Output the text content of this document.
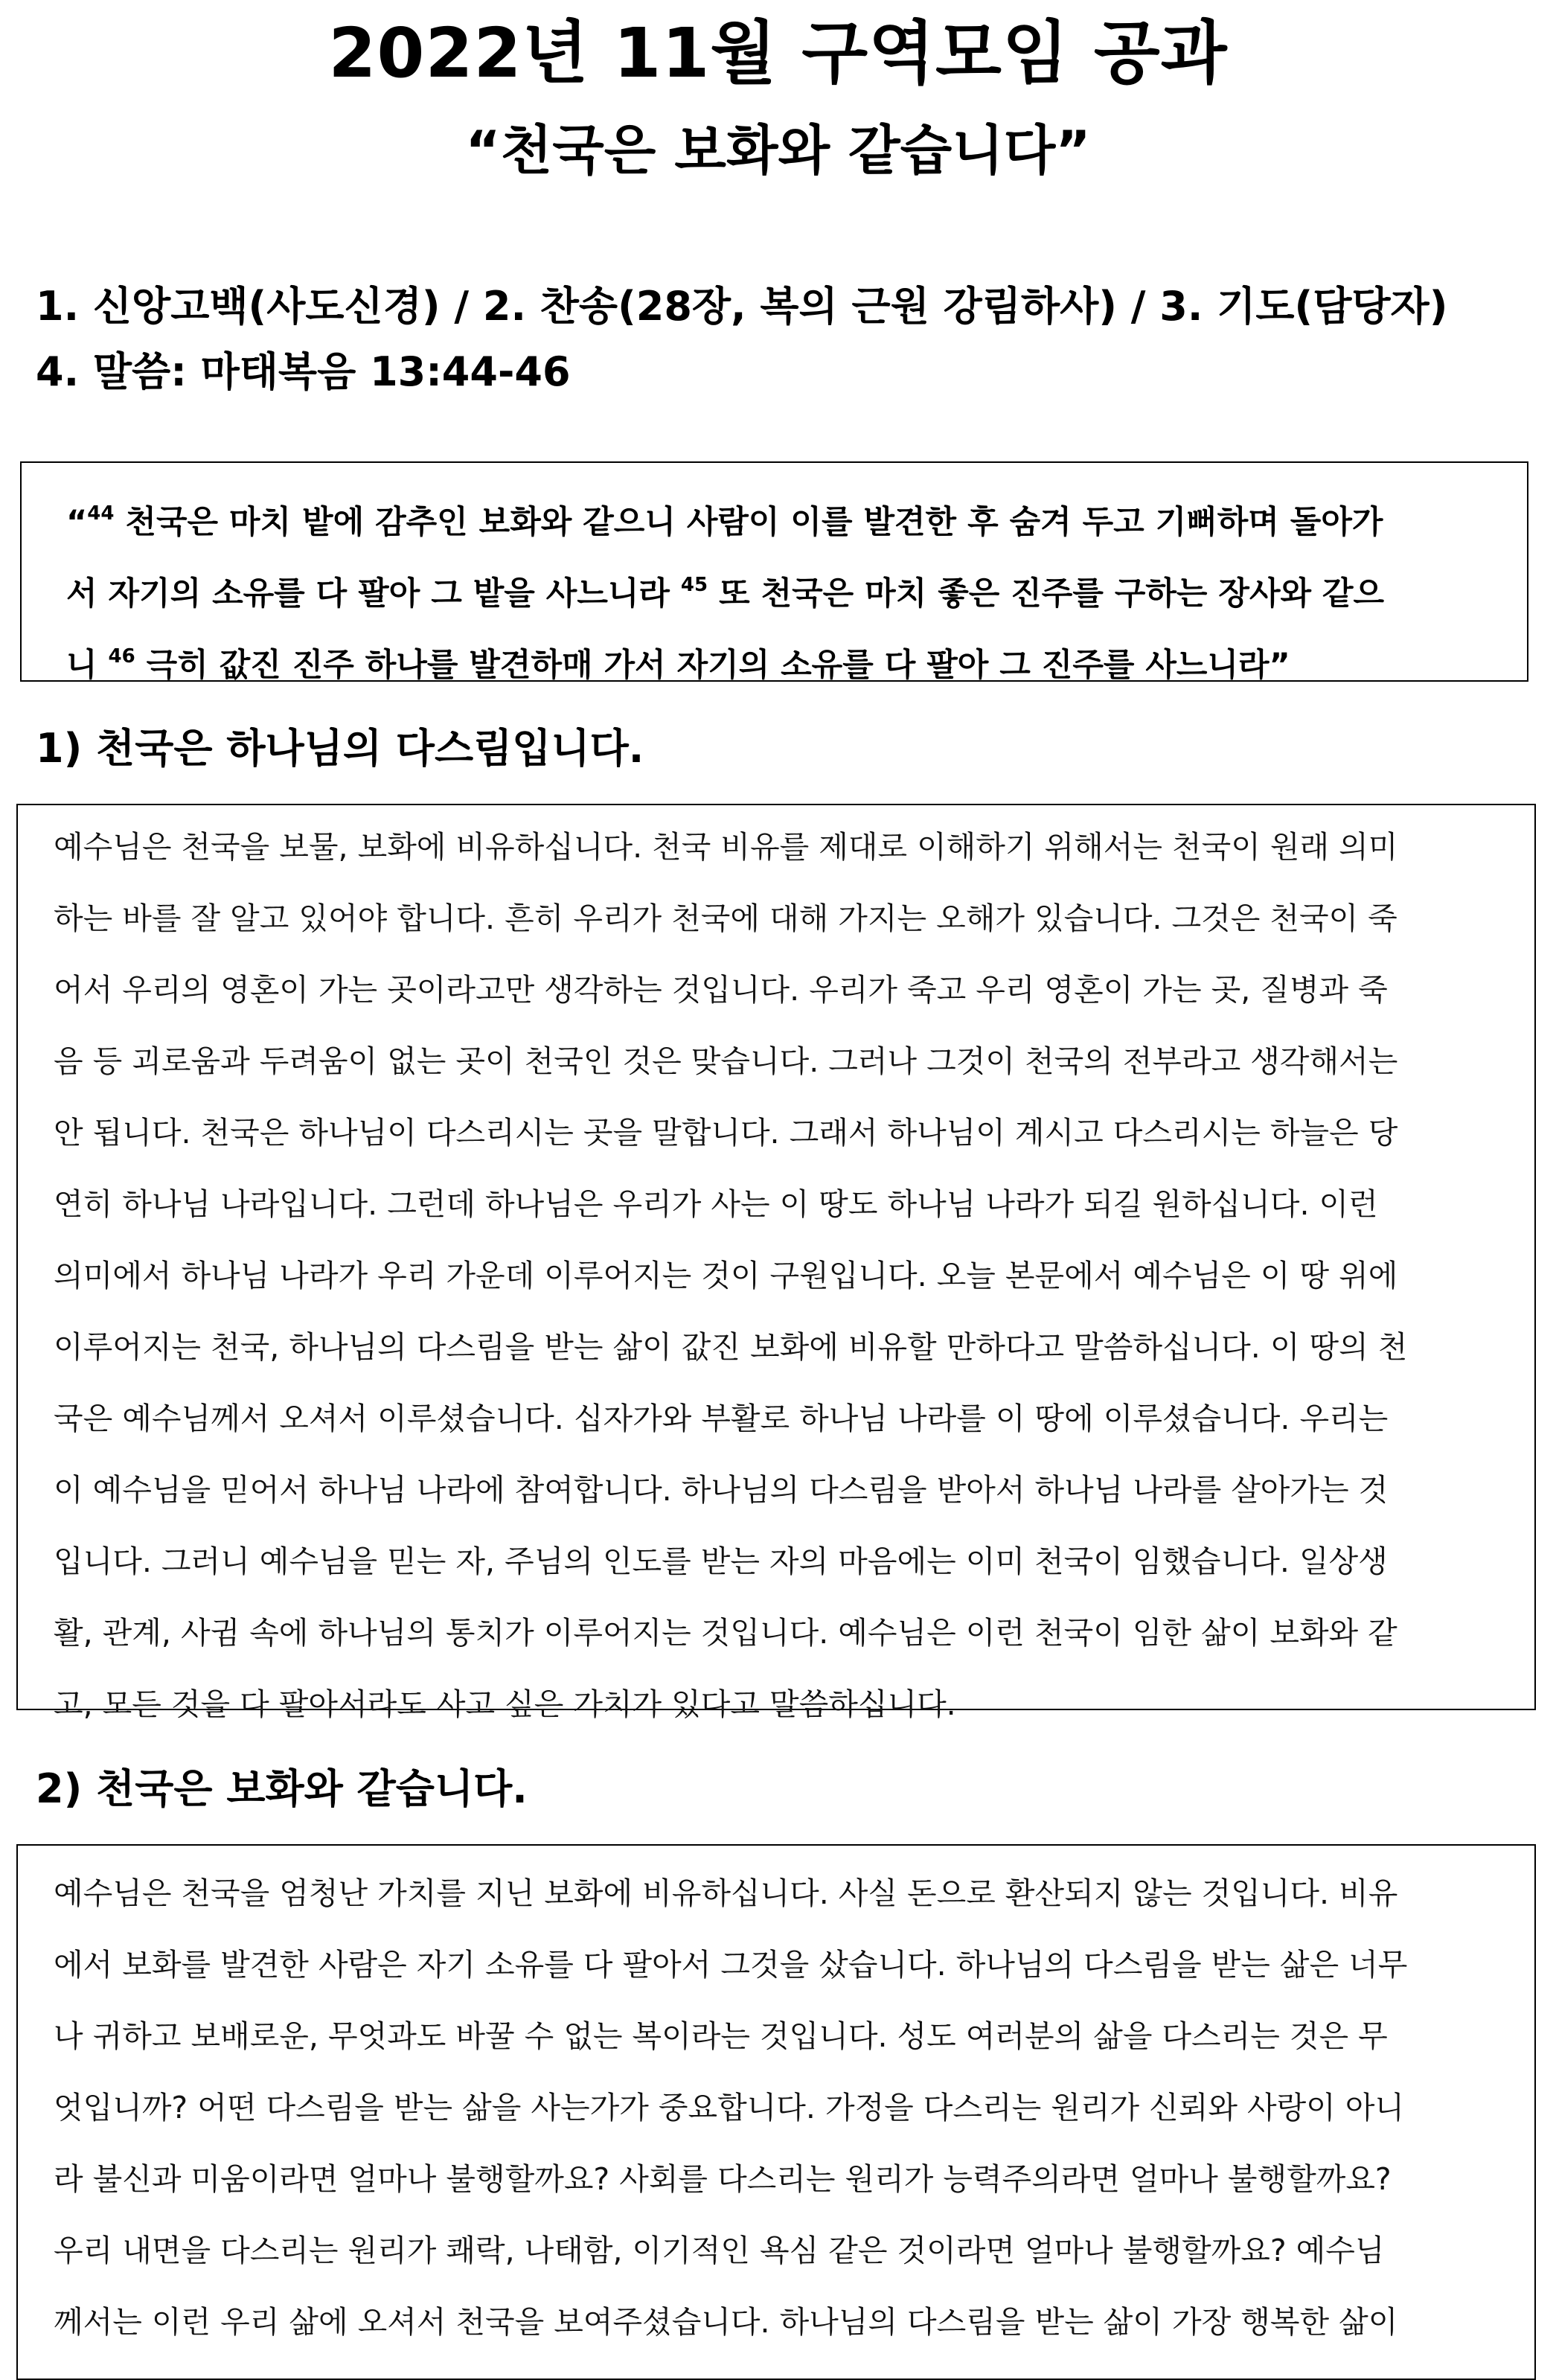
2022년 11월 구역모임 공과
“천국은 보화와 같습니다”
1. 신앙고백(사도신경) / 2. 찬송(28장, 복의 근원 강림하사) / 3. 기도(담당자)
4. 말씀: 마태복음 13:44-46
“$^{44}$ 천국은 마치 밭에 감추인 보화와 같으니 사람이 이를 발견한 후 숨겨 두고 기뻐하며 돌아가
서 자기의 소유를 다 팔아 그 밭을 사느니라 $^{45}$ 또 천국은 마치 좋은 진주를 구하는 장사와 같으
니 $^{46}$ 극히 값진 진주 하나를 발견하매 가서 자기의 소유를 다 팔아 그 진주를 사느니라”
1) 천국은 하나님의 다스림입니다.
예수님은 천국을 보물, 보화에 비유하십니다. 천국 비유를 제대로 이해하기 위해서는 천국이 원래 의미
하는 바를 잘 알고 있어야 합니다. 흔히 우리가 천국에 대해 가지는 오해가 있습니다. 그것은 천국이 죽
어서 우리의 영혼이 가는 곳이라고만 생각하는 것입니다. 우리가 죽고 우리 영혼이 가는 곳, 질병과 죽
음 등 괴로움과 두려움이 없는 곳이 천국인 것은 맞습니다. 그러나 그것이 천국의 전부라고 생각해서는
안 됩니다. 천국은 하나님이 다스리시는 곳을 말합니다. 그래서 하나님이 계시고 다스리시는 하늘은 당
연히 하나님 나라입니다. 그런데 하나님은 우리가 사는 이 땅도 하나님 나라가 되길 원하십니다. 이런
의미에서 하나님 나라가 우리 가운데 이루어지는 것이 구원입니다. 오늘 본문에서 예수님은 이 땅 위에
이루어지는 천국, 하나님의 다스림을 받는 삶이 값진 보화에 비유할 만하다고 말씀하십니다. 이 땅의 천
국은 예수님께서 오셔서 이루셨습니다. 십자가와 부활로 하나님 나라를 이 땅에 이루셨습니다. 우리는
이 예수님을 믿어서 하나님 나라에 참여합니다. 하나님의 다스림을 받아서 하나님 나라를 살아가는 것
입니다. 그러니 예수님을 믿는 자, 주님의 인도를 받는 자의 마음에는 이미 천국이 임했습니다. 일상생
활, 관계, 사귐 속에 하나님의 통치가 이루어지는 것입니다. 예수님은 이런 천국이 임한 삶이 보화와 같
고, 모든 것을 다 팔아서라도 사고 싶은 가치가 있다고 말씀하십니다.
2) 천국은 보화와 같습니다.
예수님은 천국을 엄청난 가치를 지닌 보화에 비유하십니다. 사실 돈으로 환산되지 않는 것입니다. 비유
에서 보화를 발견한 사람은 자기 소유를 다 팔아서 그것을 샀습니다. 하나님의 다스림을 받는 삶은 너무
나 귀하고 보배로운, 무엇과도 바꿀 수 없는 복이라는 것입니다. 성도 여러분의 삶을 다스리는 것은 무
엇입니까? 어떤 다스림을 받는 삶을 사는가가 중요합니다. 가정을 다스리는 원리가 신뢰와 사랑이 아니
라 불신과 미움이라면 얼마나 불행할까요? 사회를 다스리는 원리가 능력주의라면 얼마나 불행할까요?
우리 내면을 다스리는 원리가 쾌락, 나태함, 이기적인 욕심 같은 것이라면 얼마나 불행할까요? 예수님
께서는 이런 우리 삶에 오셔서 천국을 보여주셨습니다. 하나님의 다스림을 받는 삶이 가장 행복한 삶이
